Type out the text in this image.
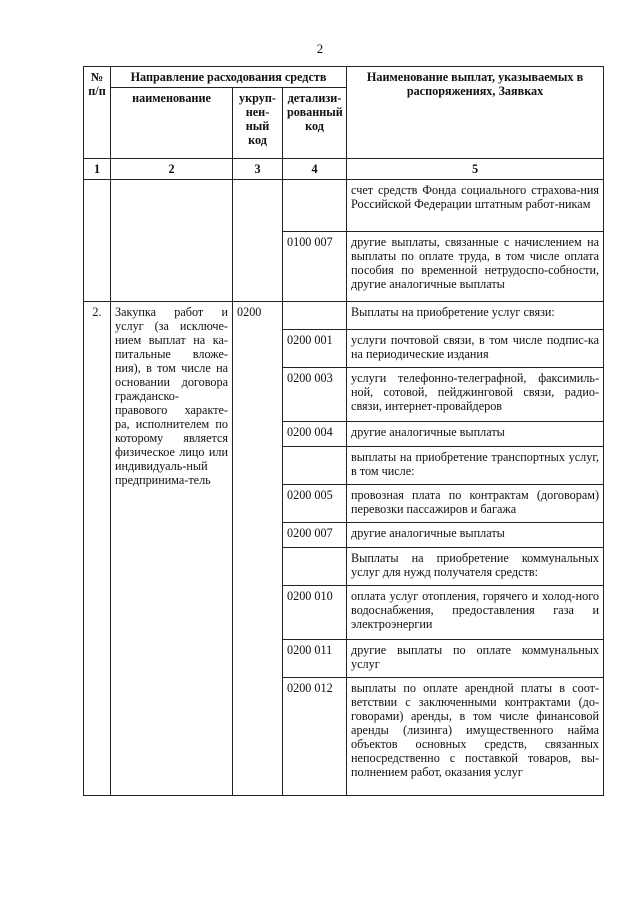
2
№ п/п	Направление расходования средств			Наименование выплат, указываемых в распоряжениях, Заявках
	наименование	укруп-нен-ный код	детализи-рованный код	
1	2	3	4	5
				счет средств Фонда социального страхова-ния Российской Федерации штатным работ-никам
			0100 007	другие выплаты, связанные с начислением на выплаты по оплате труда, в том числе оплата пособия по временной нетрудоспо-собности, другие аналогичные выплаты
2.	Закупка работ и услуг (за исключе-нием выплат на ка-питальные вложе-ния), в том числе на основании договора гражданско-правового характе-ра, исполнителем по которому является физическое лицо или индивидуаль-ный предпринима-тель	0200		Выплаты на приобретение услуг связи:
			0200 001	услуги почтовой связи, в том числе подпис-ка на периодические издания
			0200 003	услуги телефонно-телеграфной, факсимиль-ной, сотовой, пейджинговой связи, радио-связи, интернет-провайдеров
			0200 004	другие аналогичные выплаты
				выплаты на приобретение транспортных услуг, в том числе:
			0200 005	провозная плата по контрактам (договорам) перевозки пассажиров и багажа
			0200 007	другие аналогичные выплаты
				Выплаты на приобретение коммунальных услуг для нужд получателя средств:
			0200 010	оплата услуг отопления, горячего и холод-ного водоснабжения, предоставления газа и электроэнергии
			0200 011	другие выплаты по оплате коммунальных услуг
			0200 012	выплаты по оплате арендной платы в соот-ветствии с заключенными контрактами (до-говорами) аренды, в том числе финансовой аренды (лизинга) имущественного найма объектов основных средств, связанных непосредственно с поставкой товаров, вы-полнением работ, оказания услуг
